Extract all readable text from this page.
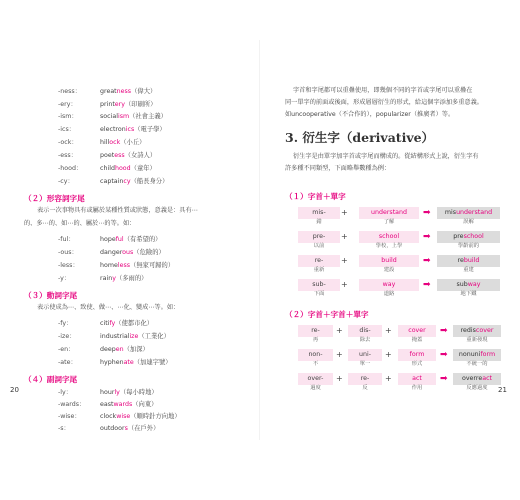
-ness：	greatness（偉大）
-ery：	printery（印刷所）
-ism：	socialism（社會主義）
-ics：	electronics（電子學）
-ock：	hillock（小丘）
-ess：	poetess（女詩人）
-hood：	childhood（童年）
-cy：	captaincy（船長身分）
（２）形容詞字尾
表示一次事物具有或屬於某種性質或狀態，意義是：具有⋯
的、多⋯的、如⋯的、屬於⋯的等。如：
-ful：	hopeful（有希望的）
-ous：	dangerous（危險的）
-less：	homeless（無家可歸的）
-y：	rainy（多雨的）
（３）動詞字尾
表示使成為⋯、致使、做⋯、⋯化、變成⋯等。如：
-fy：	citify（使都市化）
-ize：	industrialize（工業化）
-en：	deepen（加深）
-ate：	hyphenate（加連字號）
（４）副詞字尾
-ly：	hourly（每小時地）
-wards： eastwards（向東）
-wise：	clockwise（順時針方向地）
-s：	outdoors（在戶外）
20
字首和字尾都可以重疊使用，即幾個不同的字首或字尾可以重疊在
同一單字的前面或後面，形成層層衍生的形式，給這個字添加多重意義。
如uncooperative（不合作的），popularizer（推廣者）等。
3. 衍生字（derivative）
衍生字是由單字加字首或字尾而構成的。從結構形式上說，衍生字有
許多種不同類型，下面略舉數種為例：
（１）字首＋單字
mis-	+	understand	➡	misunderstand
錯	了解	誤解
pre-	+	school	➡	preschool
以前	學校，上學	學齡前的
re-	+	build	➡	rebuild
重新	建設	重建
sub-	+	way	➡	subway
下面	道路	地下鐵
（２）字首＋字首＋單字
re-	+	dis-	+	cover	➡	rediscover
再	除去	掩蓋	重新發現
non-	+	uni-	+	form	➡	nonuniform
不	單一	形式	不統一的
over-	+	re-	+	act	➡	overreact
過度	反	作用	反應過度	21
